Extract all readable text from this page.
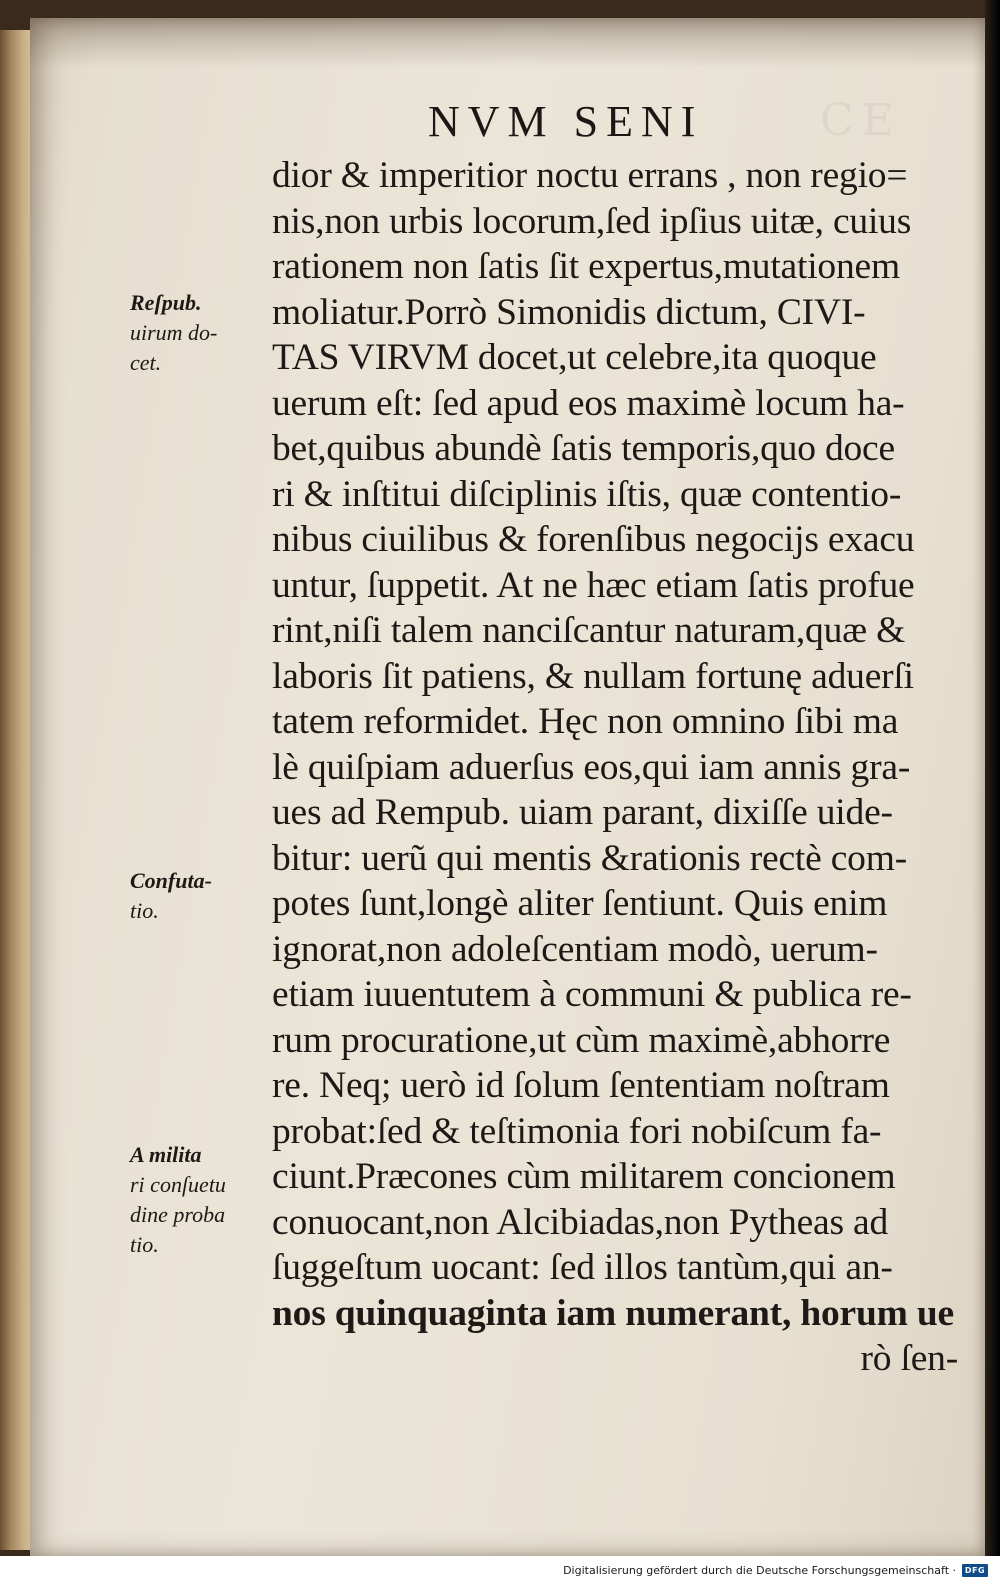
CE
NVM SENI
dior & imperitior noctu errans , non regio=
nis,non urbis locorum,ſed ipſius uitæ, cuius
rationem non ſatis ſit expertus,mutationem
moliatur.Porrò Simonidis dictum, CIVI-
TAS VIRVM docet,ut celebre,ita quoque
uerum eſt: ſed apud eos maximè locum ha-
bet,quibus abundè ſatis temporis,quo doce
ri & inſtitui diſciplinis iſtis, quæ contentio-
nibus ciuilibus & forenſibus negocijs exacu
untur, ſuppetit. At ne hæc etiam ſatis profue
rint,niſi talem nanciſcantur naturam,quæ &
laboris ſit patiens, & nullam fortunę aduerſi
tatem reformidet. Hęc non omnino ſibi ma
lè quiſpiam aduerſus eos,qui iam annis gra-
ues ad Rempub. uiam parant, dixiſſe uide-
bitur: uerũ qui mentis &rationis rectè com-
potes ſunt,longè aliter ſentiunt. Quis enim
ignorat,non adoleſcentiam modò, uerum-
etiam iuuentutem à communi & publica re-
rum procuratione,ut cùm maximè,abhorre
re. Neq; uerò id ſolum ſententiam noſtram
probat:ſed & teſtimonia fori nobiſcum fa-
ciunt.Præcones cùm militarem concionem
conuocant,non Alcibiadas,non Pytheas ad
ſuggeſtum uocant: ſed illos tantùm,qui an-
nos quinquaginta iam numerant, horum ue
rò ſen-
Reſpub.
uirum do-
cet.
Confuta-
tio.
A milita
ri conſuetu
dine proba
tio.
Digitalisierung gefördert durch die Deutsche Forschungsgemeinschaft ·	DFG
